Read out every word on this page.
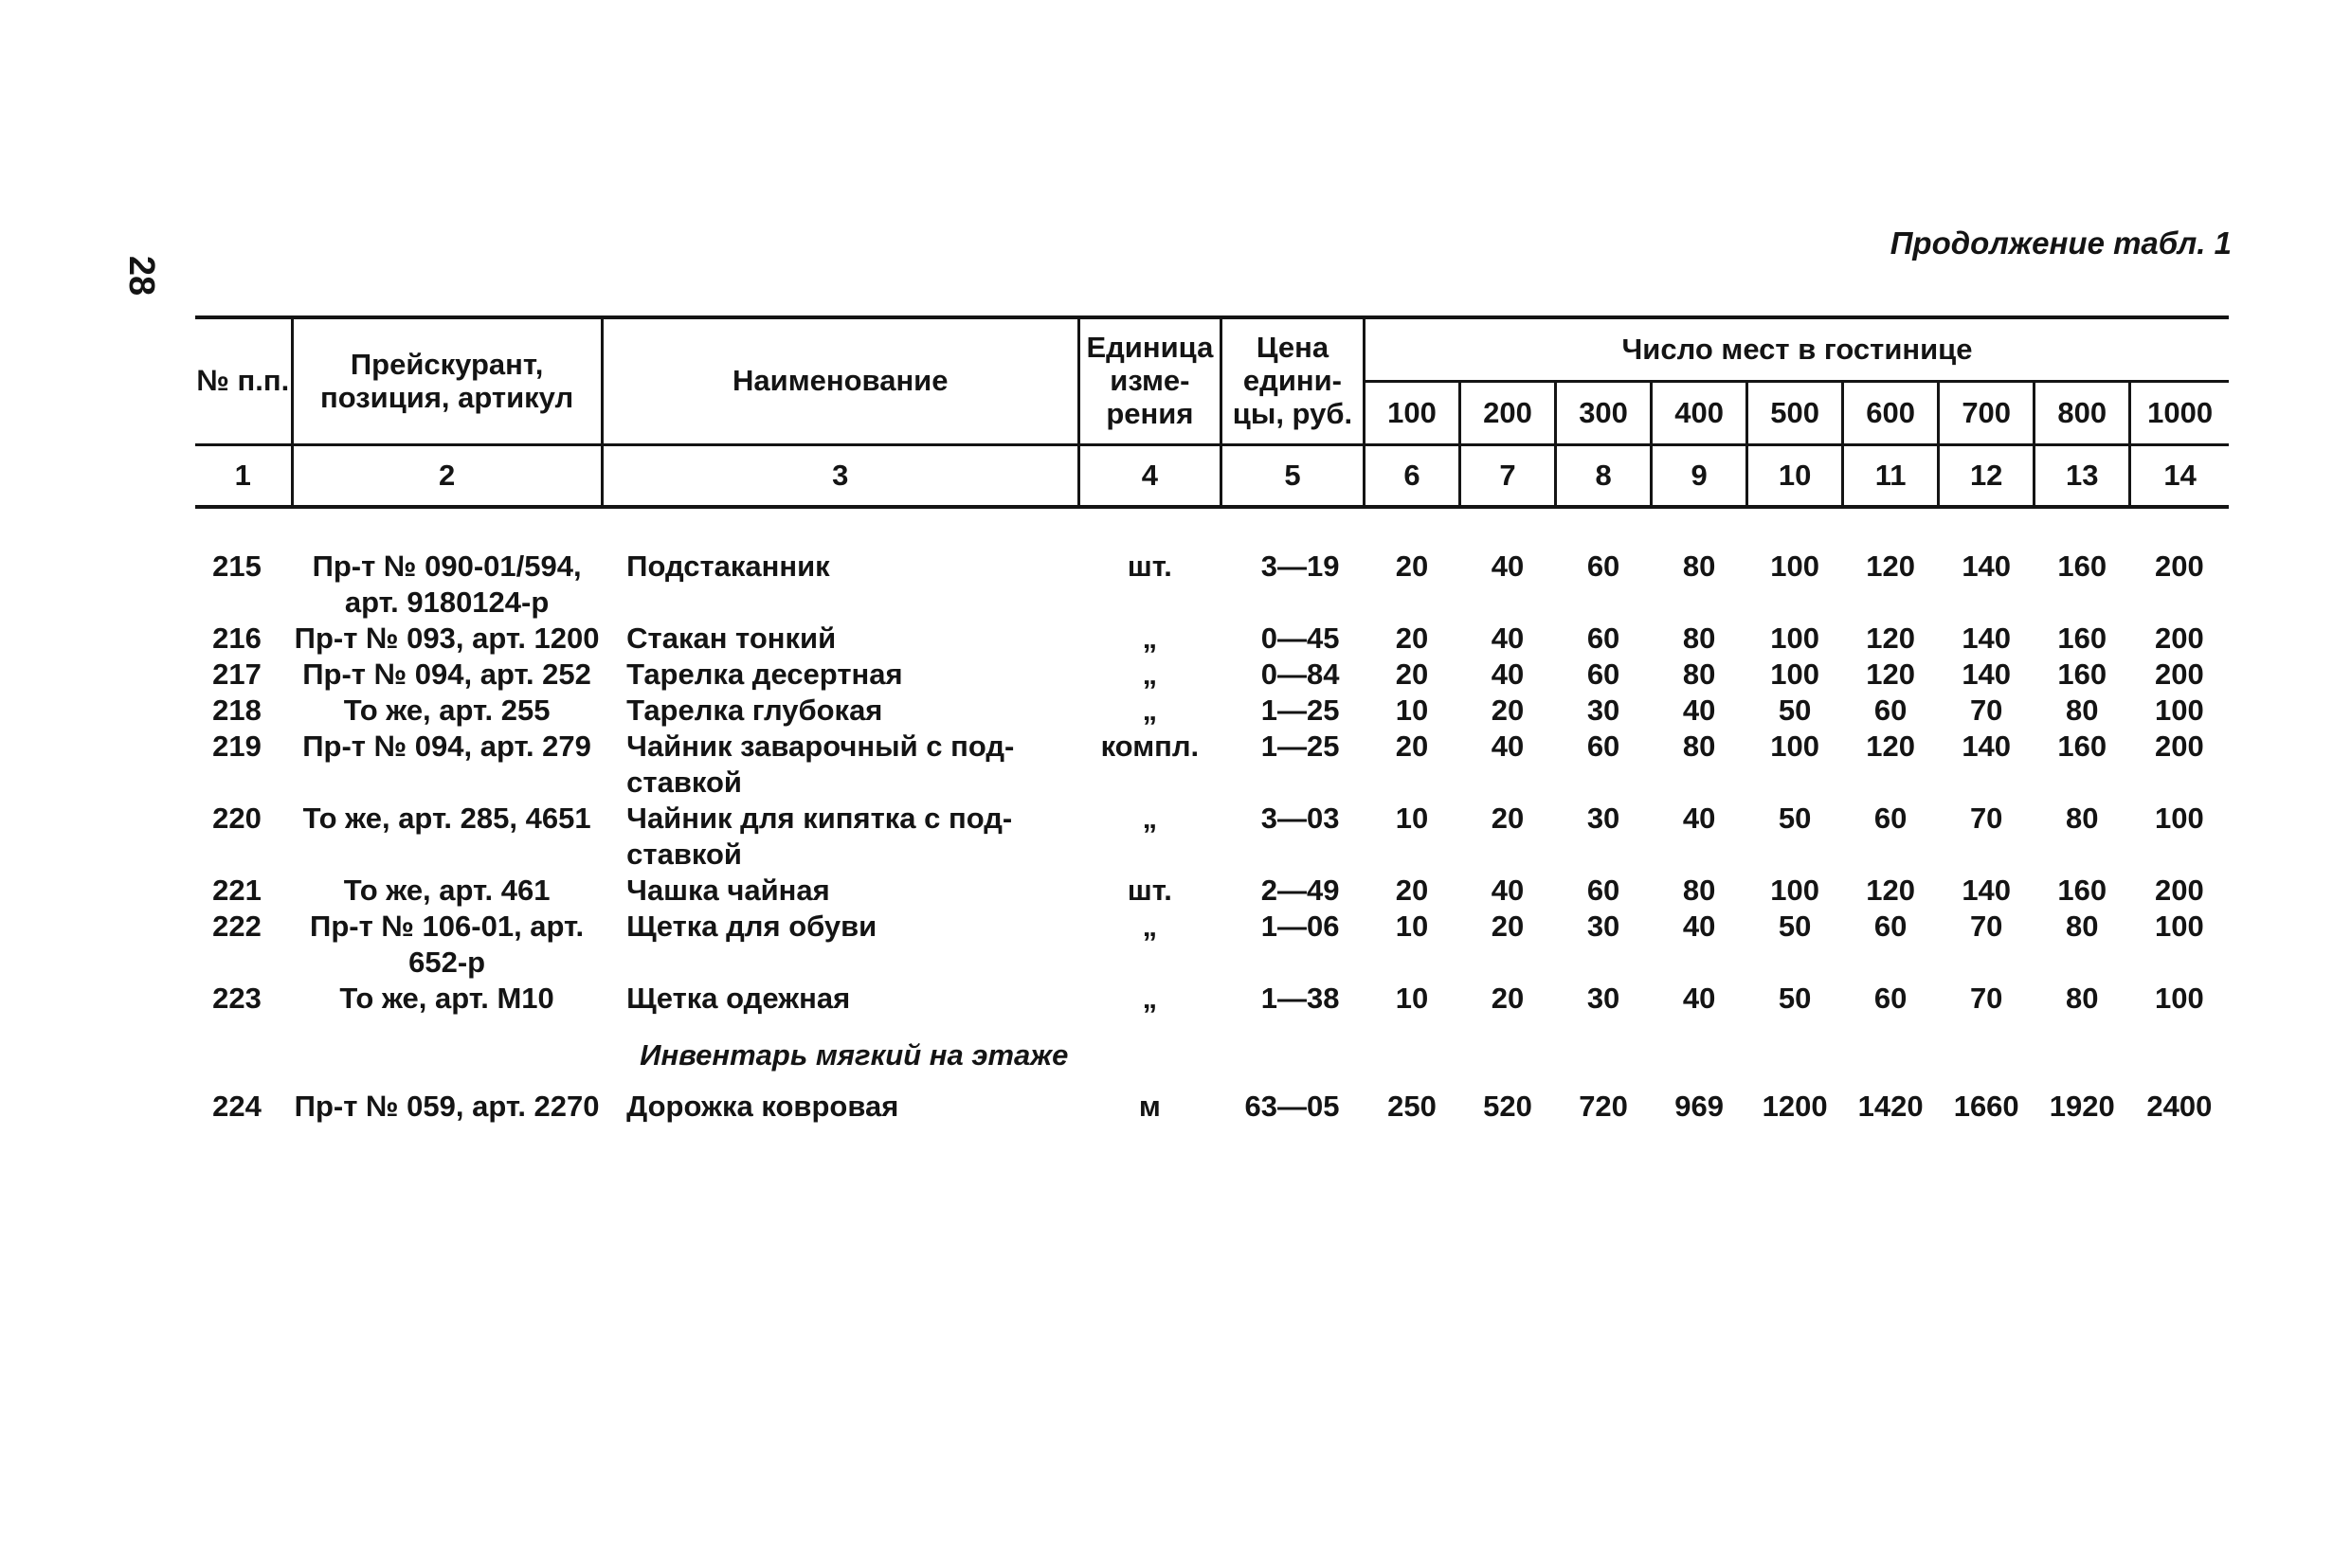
28
Продолжение табл. 1
№ п.п.	Прейскурант, позиция, артикул	Наименование	Единица изме- рения	Цена едини- цы, руб.	Число мест в гостинице								
					100	200	300	400	500	600	700	800	1000
1	2	3	4	5	6	7	8	9	10	11	12	13	14

215	Пр-т № 090-01/594, арт. 9180124-р	Подстаканник	шт.	3—19	20	40	60	80	100	120	140	160	200
216	Пр-т № 093, арт. 1200	Стакан тонкий	„	0—45	20	40	60	80	100	120	140	160	200
217	Пр-т № 094, арт. 252	Тарелка десертная	„	0—84	20	40	60	80	100	120	140	160	200
218	То же, арт. 255	Тарелка глубокая	„	1—25	10	20	30	40	50	60	70	80	100
219	Пр-т № 094, арт. 279	Чайник заварочный с под- ставкой	компл.	1—25	20	40	60	80	100	120	140	160	200
220	То же, арт. 285, 4651	Чайник для кипятка с под- ставкой	„	3—03	10	20	30	40	50	60	70	80	100
221	То же, арт. 461	Чашка чайная	шт.	2—49	20	40	60	80	100	120	140	160	200
222	Пр-т № 106-01, арт. 652-р	Щетка для обуви	„	1—06	10	20	30	40	50	60	70	80	100
223	То же, арт. М10	Щетка одежная	„	1—38	10	20	30	40	50	60	70	80	100
		Инвентарь мягкий на этаже											
224	Пр-т № 059, арт. 2270	Дорожка ковровая	м	63—05	250	520	720	969	1200	1420	1660	1920	2400
